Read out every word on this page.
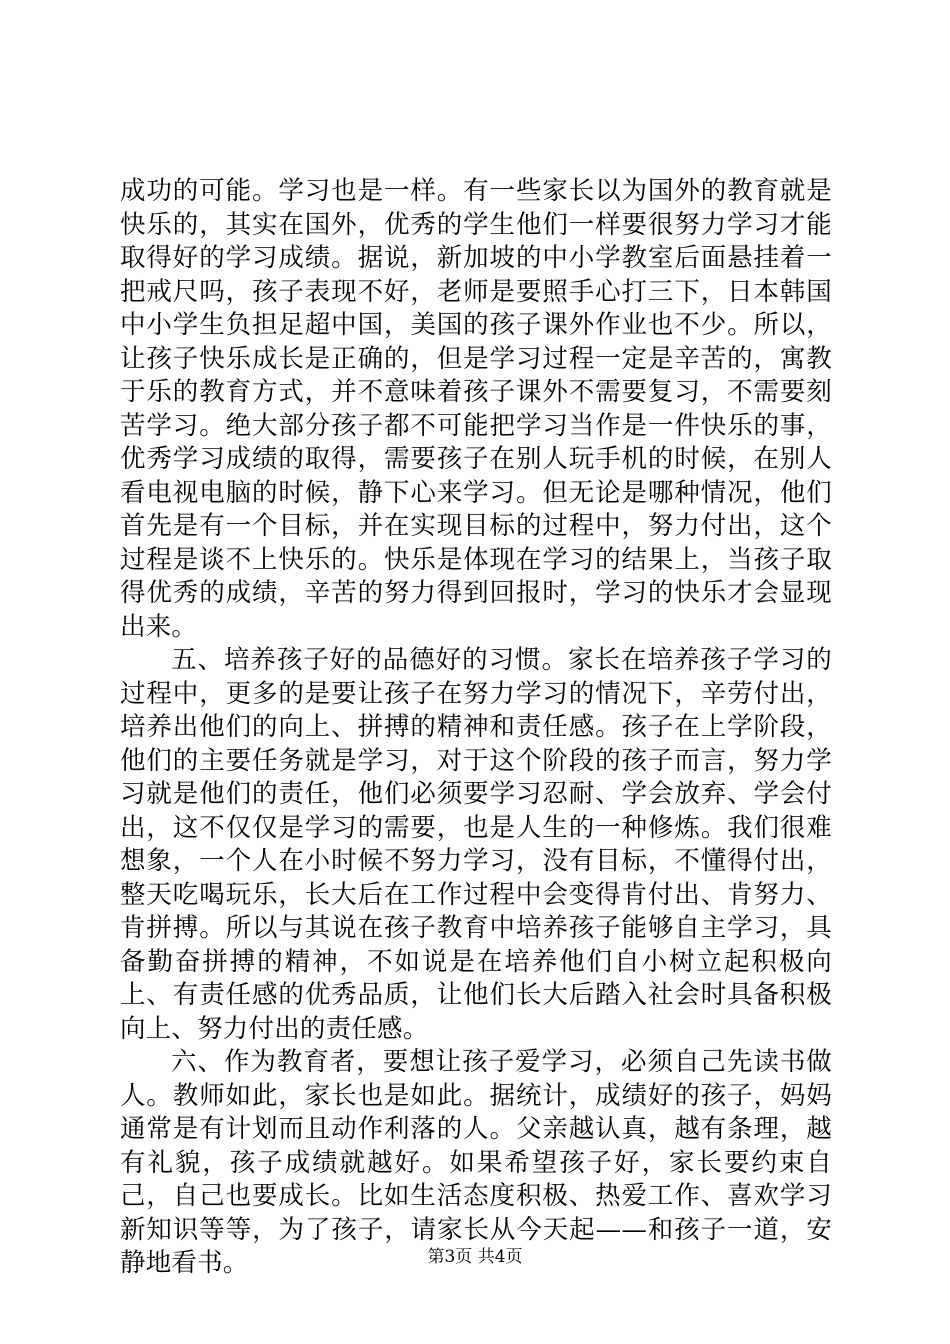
成功的可能。学习也是一样。有一些家长以为国外的教育就是快乐的，其实在国外，优秀的学生他们一样要很努力学习才能取得好的学习成绩。据说，新加坡的中小学教室后面悬挂着一把戒尺吗，孩子表现不好，老师是要照手心打三下，日本韩国中小学生负担足超中国，美国的孩子课外作业也不少。所以，让孩子快乐成长是正确的，但是学习过程一定是辛苦的，寓教于乐的教育方式，并不意味着孩子课外不需要复习，不需要刻苦学习。绝大部分孩子都不可能把学习当作是一件快乐的事，优秀学习成绩的取得，需要孩子在别人玩手机的时候，在别人看电视电脑的时候，静下心来学习。但无论是哪种情况，他们首先是有一个目标，并在实现目标的过程中，努力付出，这个过程是谈不上快乐的。快乐是体现在学习的结果上，当孩子取得优秀的成绩，辛苦的努力得到回报时，学习的快乐才会显现出来。

五、培养孩子好的品德好的习惯。家长在培养孩子学习的过程中，更多的是要让孩子在努力学习的情况下，辛劳付出，培养出他们的向上、拼搏的精神和责任感。孩子在上学阶段，他们的主要任务就是学习，对于这个阶段的孩子而言，努力学习就是他们的责任，他们必须要学习忍耐、学会放弃、学会付出，这不仅仅是学习的需要，也是人生的一种修炼。我们很难想象，一个人在小时候不努力学习，没有目标，不懂得付出，整天吃喝玩乐，长大后在工作过程中会变得肯付出、肯努力、肯拼搏。所以与其说在孩子教育中培养孩子能够自主学习，具备勤奋拼搏的精神，不如说是在培养他们自小树立起积极向上、有责任感的优秀品质，让他们长大后踏入社会时具备积极向上、努力付出的责任感。

六、作为教育者，要想让孩子爱学习，必须自己先读书做人。教师如此，家长也是如此。据统计，成绩好的孩子，妈妈通常是有计划而且动作利落的人。父亲越认真，越有条理，越有礼貌，孩子成绩就越好。如果希望孩子好，家长要约束自己，自己也要成长。比如生活态度积极、热爱工作、喜欢学习新知识等等，为了孩子，请家长从今天起——和孩子一道，安静地看书。	第3页 共4页
